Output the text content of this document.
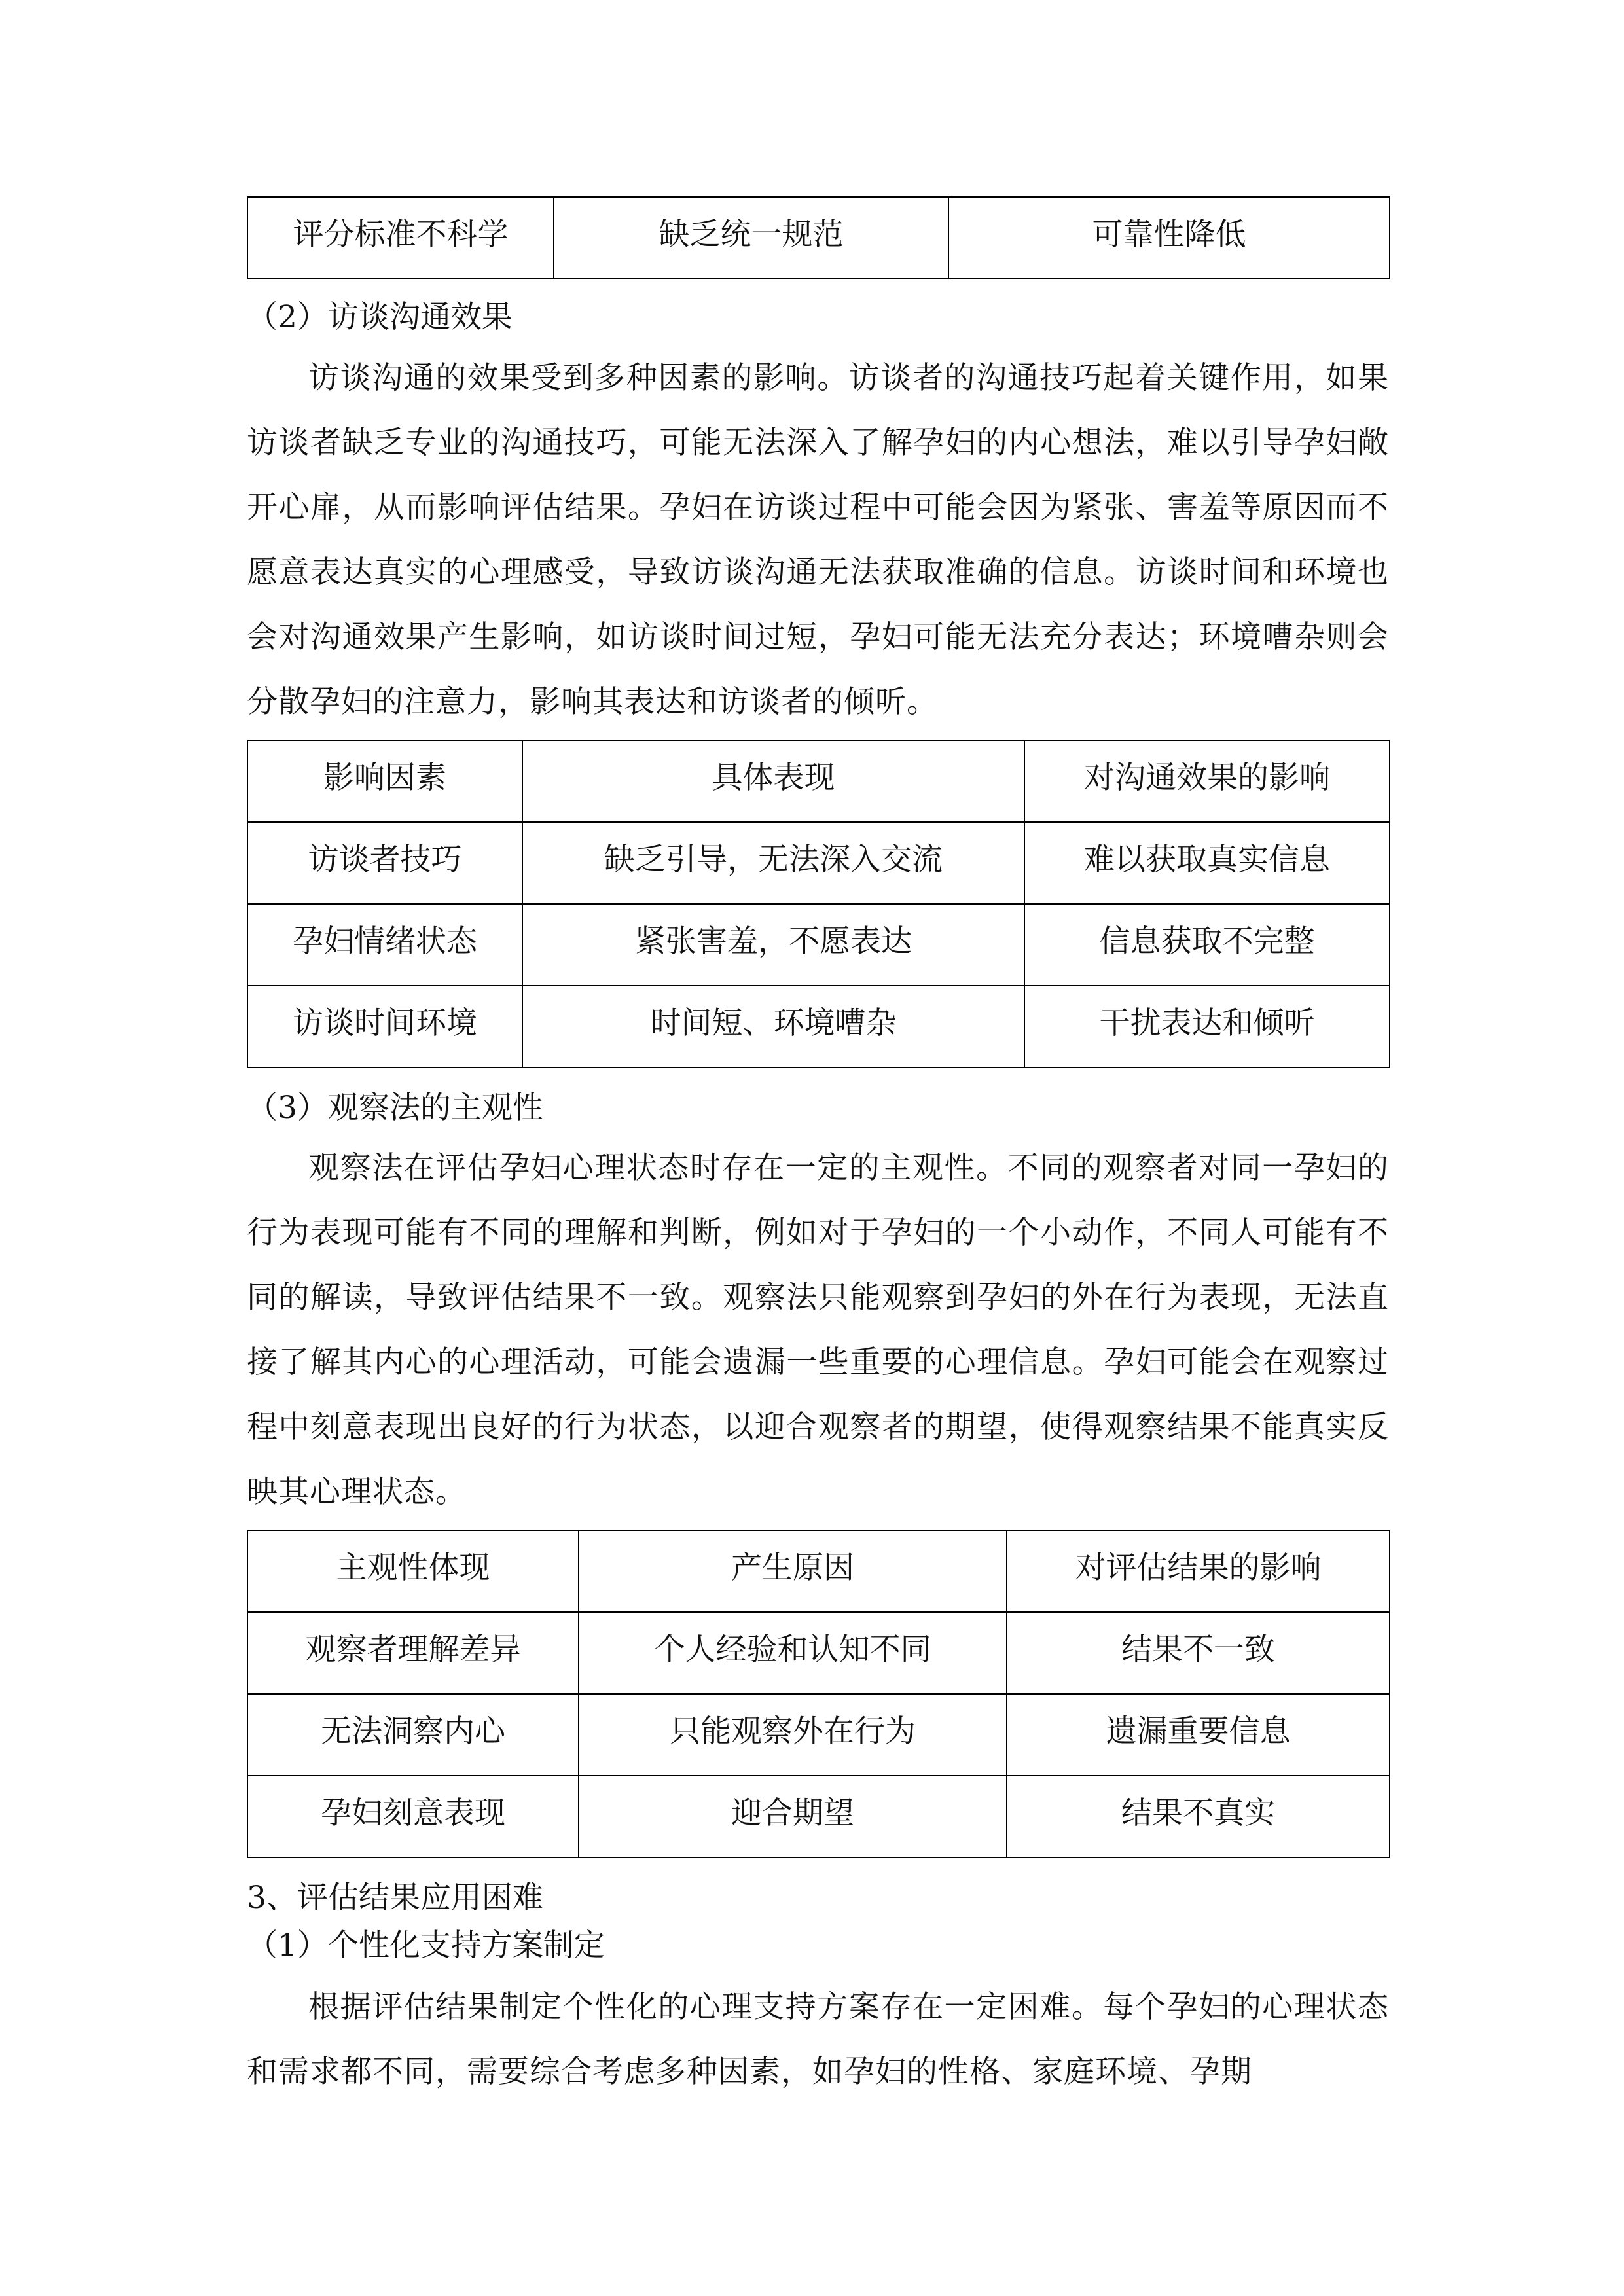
评分标准不科学	缺乏统一规范	可靠性降低
（2）访谈沟通效果

访谈沟通的效果受到多种因素的影响。访谈者的沟通技巧起着关键作用，如果访谈者缺乏专业的沟通技巧，可能无法深入了解孕妇的内心想法，难以引导孕妇敞开心扉，从而影响评估结果。孕妇在访谈过程中可能会因为紧张、害羞等原因而不愿意表达真实的心理感受，导致访谈沟通无法获取准确的信息。访谈时间和环境也会对沟通效果产生影响，如访谈时间过短，孕妇可能无法充分表达；环境嘈杂则会分散孕妇的注意力，影响其表达和访谈者的倾听。

影响因素	具体表现	对沟通效果的影响
访谈者技巧	缺乏引导，无法深入交流	难以获取真实信息
孕妇情绪状态	紧张害羞，不愿表达	信息获取不完整
访谈时间环境	时间短、环境嘈杂	干扰表达和倾听
（3）观察法的主观性

观察法在评估孕妇心理状态时存在一定的主观性。不同的观察者对同一孕妇的行为表现可能有不同的理解和判断，例如对于孕妇的一个小动作，不同人可能有不同的解读，导致评估结果不一致。观察法只能观察到孕妇的外在行为表现，无法直接了解其内心的心理活动，可能会遗漏一些重要的心理信息。孕妇可能会在观察过程中刻意表现出良好的行为状态，以迎合观察者的期望，使得观察结果不能真实反映其心理状态。

主观性体现	产生原因	对评估结果的影响
观察者理解差异	个人经验和认知不同	结果不一致
无法洞察内心	只能观察外在行为	遗漏重要信息
孕妇刻意表现	迎合期望	结果不真实
3、评估结果应用困难
（1）个性化支持方案制定

根据评估结果制定个性化的心理支持方案存在一定困难。每个孕妇的心理状态和需求都不同，需要综合考虑多种因素，如孕妇的性格、家庭环境、孕期
